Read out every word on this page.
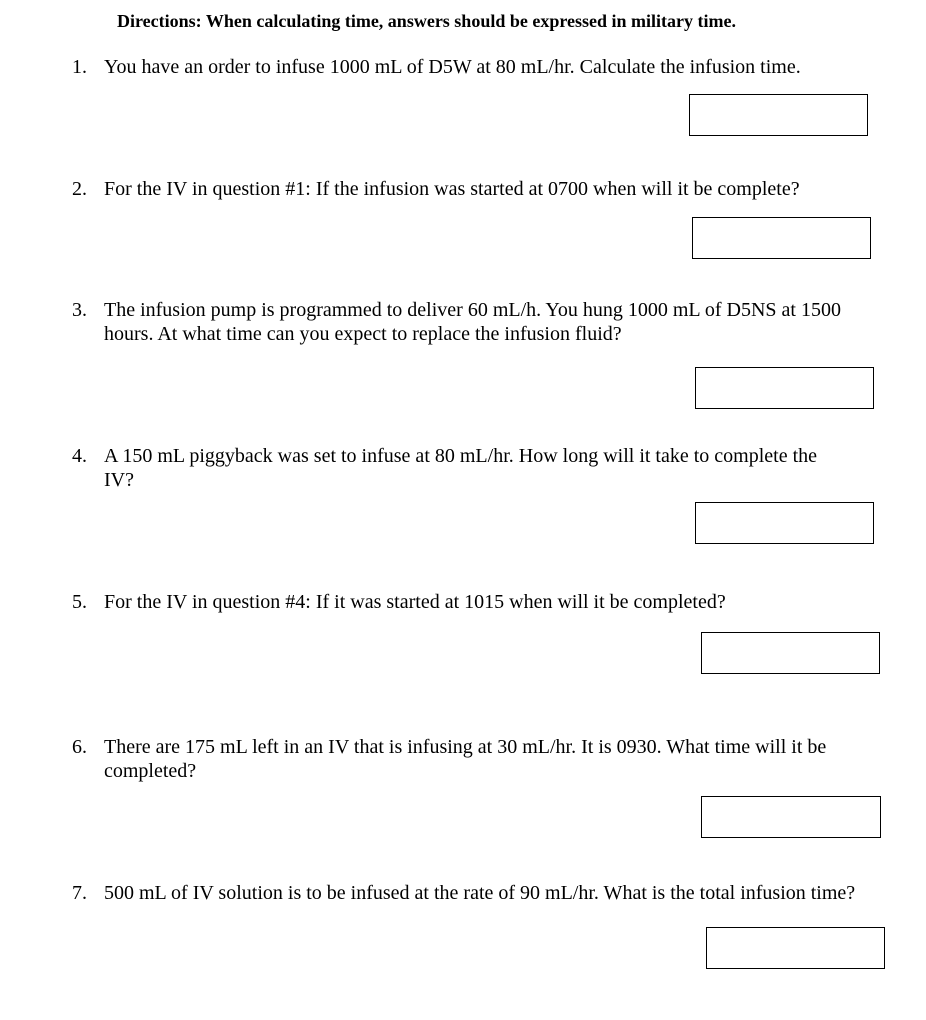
Directions: When calculating time, answers should be expressed in military time.
1. You have an order to infuse 1000 mL of D5W at 80 mL/hr. Calculate the infusion time.
2. For the IV in question #1: If the infusion was started at 0700 when will it be complete?
3. The infusion pump is programmed to deliver 60 mL/h. You hung 1000 mL of D5NS at 1500 hours. At what time can you expect to replace the infusion fluid?
4. A 150 mL piggyback was set to infuse at 80 mL/hr. How long will it take to complete the IV?
5. For the IV in question #4: If it was started at 1015 when will it be completed?
6. There are 175 mL left in an IV that is infusing at 30 mL/hr. It is 0930. What time will it be completed?
7. 500 mL of IV solution is to be infused at the rate of 90 mL/hr. What is the total infusion time?
